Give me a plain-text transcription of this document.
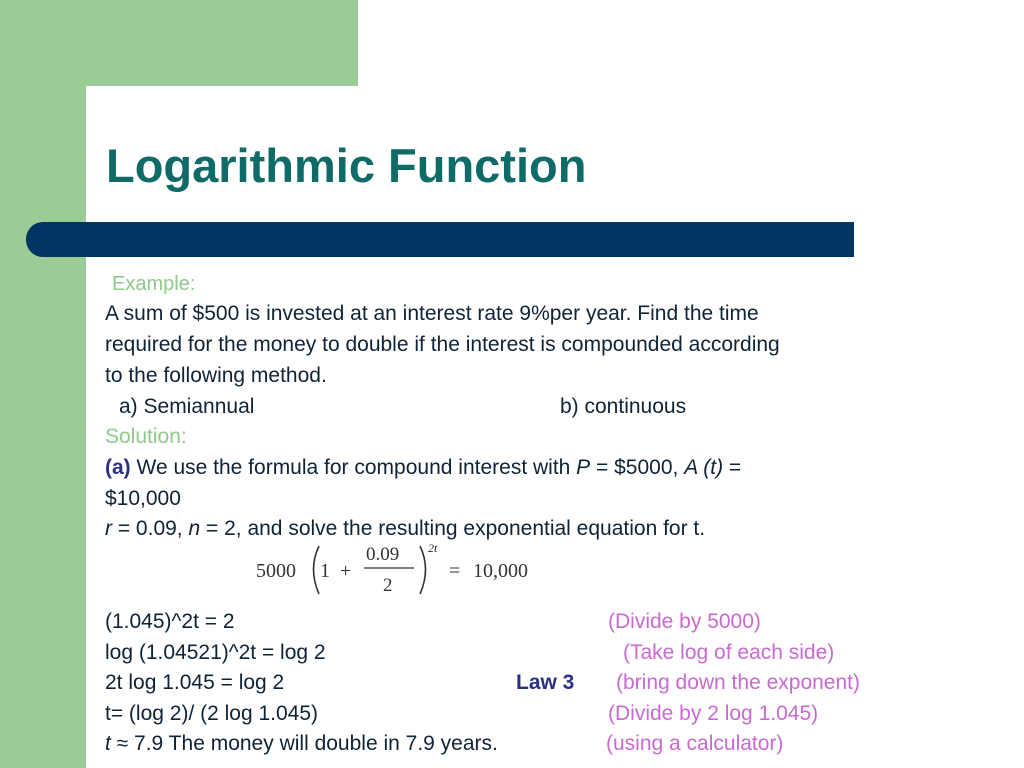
Logarithmic Function
Example:
A sum of $500 is invested at an interest rate 9%per year. Find the time
required for the money to double if the interest is compounded according
to the following method.
a) Semiannual	b) continuous
Solution:
(a) We use the formula for compound interest with P = $5000, A (t) =
$10,000
r = 0.09, n = 2, and solve the resulting exponential equation for t.
5000 1 +
0.09
2
2t
= 10,000
(1.045)^2t = 2	(Divide by 5000)
log (1.04521)^2t = log 2	(Take log of each side)
2t log 1.045 = log 2	Law 3 (bring down the exponent)
t= (log 2)/ (2 log 1.045)	(Divide by 2 log 1.045)
t ≈ 7.9 The money will double in 7.9 years.	(using a calculator)
